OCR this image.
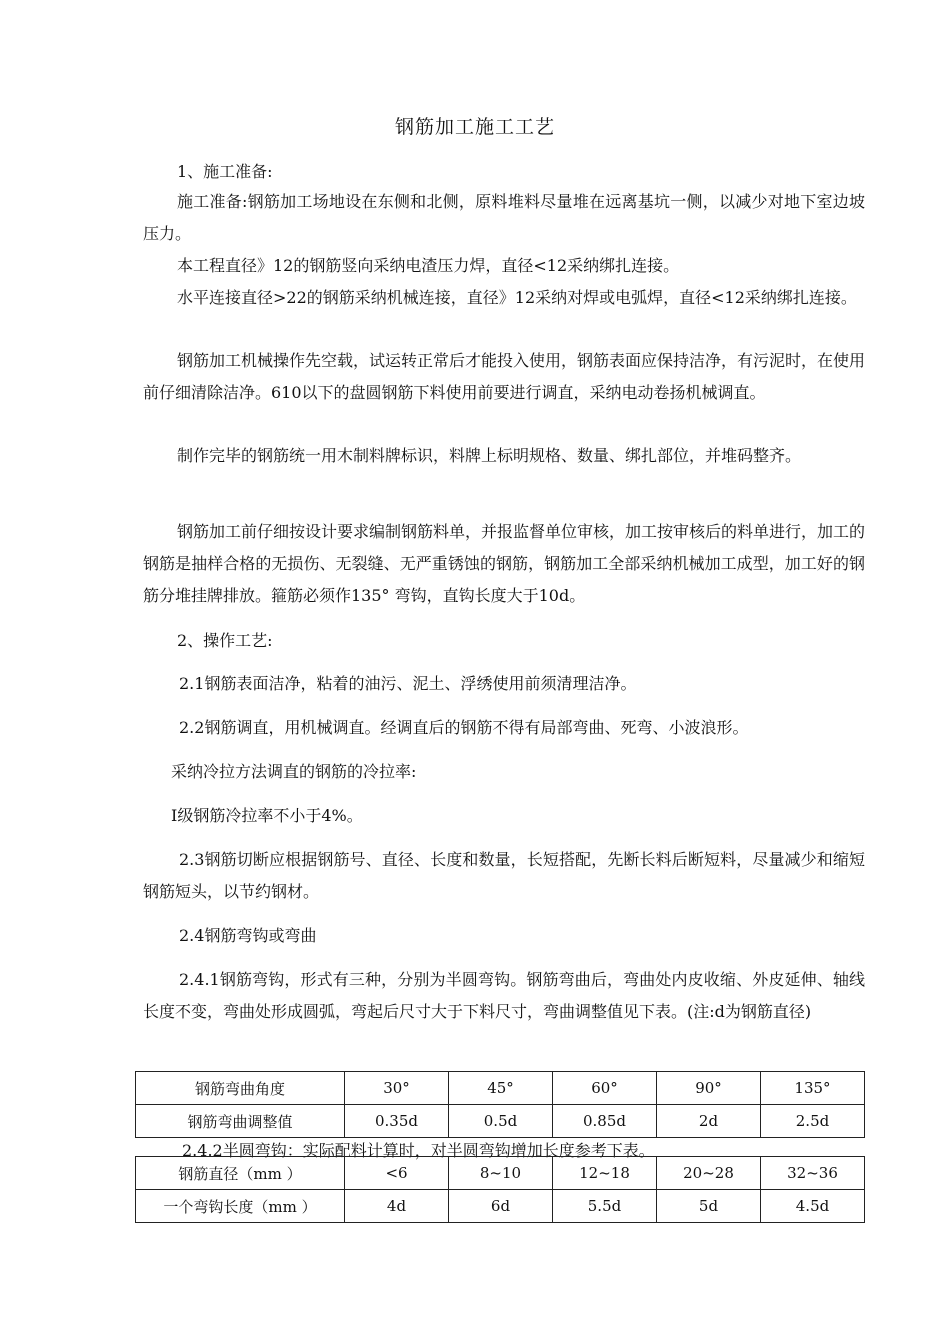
钢筋加工施工工艺

1、施工准备:

施工准备:钢筋加工场地设在东侧和北侧，原料堆料尽量堆在远离基坑一侧，以减少对地下室边坡压力。

本工程直径》12的钢筋竖向采纳电渣压力焊，直径<12采纳绑扎连接。

水平连接直径>22的钢筋采纳机械连接，直径》12采纳对焊或电弧焊，直径<12采纳绑扎连接。

钢筋加工机械操作先空载，试运转正常后才能投入使用，钢筋表面应保持洁净，有污泥时，在使用前仔细清除洁净。610以下的盘圆钢筋下料使用前要进行调直，采纳电动卷扬机械调直。

制作完毕的钢筋统一用木制料牌标识，料牌上标明规格、数量、绑扎部位，并堆码整齐。

钢筋加工前仔细按设计要求编制钢筋料单，并报监督单位审核，加工按审核后的料单进行，加工的钢筋是抽样合格的无损伤、无裂缝、无严重锈蚀的钢筋，钢筋加工全部采纳机械加工成型，加工好的钢筋分堆挂牌排放。箍筋必须作135° 弯钩，直钩长度大于10d。

2、操作工艺:

2.1钢筋表面洁净，粘着的油污、泥土、浮绣使用前须清理洁净。

2.2钢筋调直，用机械调直。经调直后的钢筋不得有局部弯曲、死弯、小波浪形。

采纳冷拉方法调直的钢筋的冷拉率:

I级钢筋冷拉率不小于4%。

2.3钢筋切断应根据钢筋号、直径、长度和数量，长短搭配，先断长料后断短料，尽量减少和缩短钢筋短头，以节约钢材。

2.4钢筋弯钩或弯曲

2.4.1钢筋弯钩，形式有三种，分别为半圆弯钩。钢筋弯曲后，弯曲处内皮收缩、外皮延伸、轴线长度不变，弯曲处形成圆弧，弯起后尺寸大于下料尺寸，弯曲调整值见下表。(注:d为钢筋直径)

钢筋弯曲角度	30°	45°	60°	90°	135°
钢筋弯曲调整值	0.35d	0.5d	0.85d	2d	2.5d
2.4.2半圆弯钩：实际配料计算时，对半圆弯钩增加长度参考下表。
钢筋直径（mm ）	<6	8~10	12~18	20~28	32~36
一个弯钩长度（mm ）	4d	6d	5.5d	5d	4.5d
